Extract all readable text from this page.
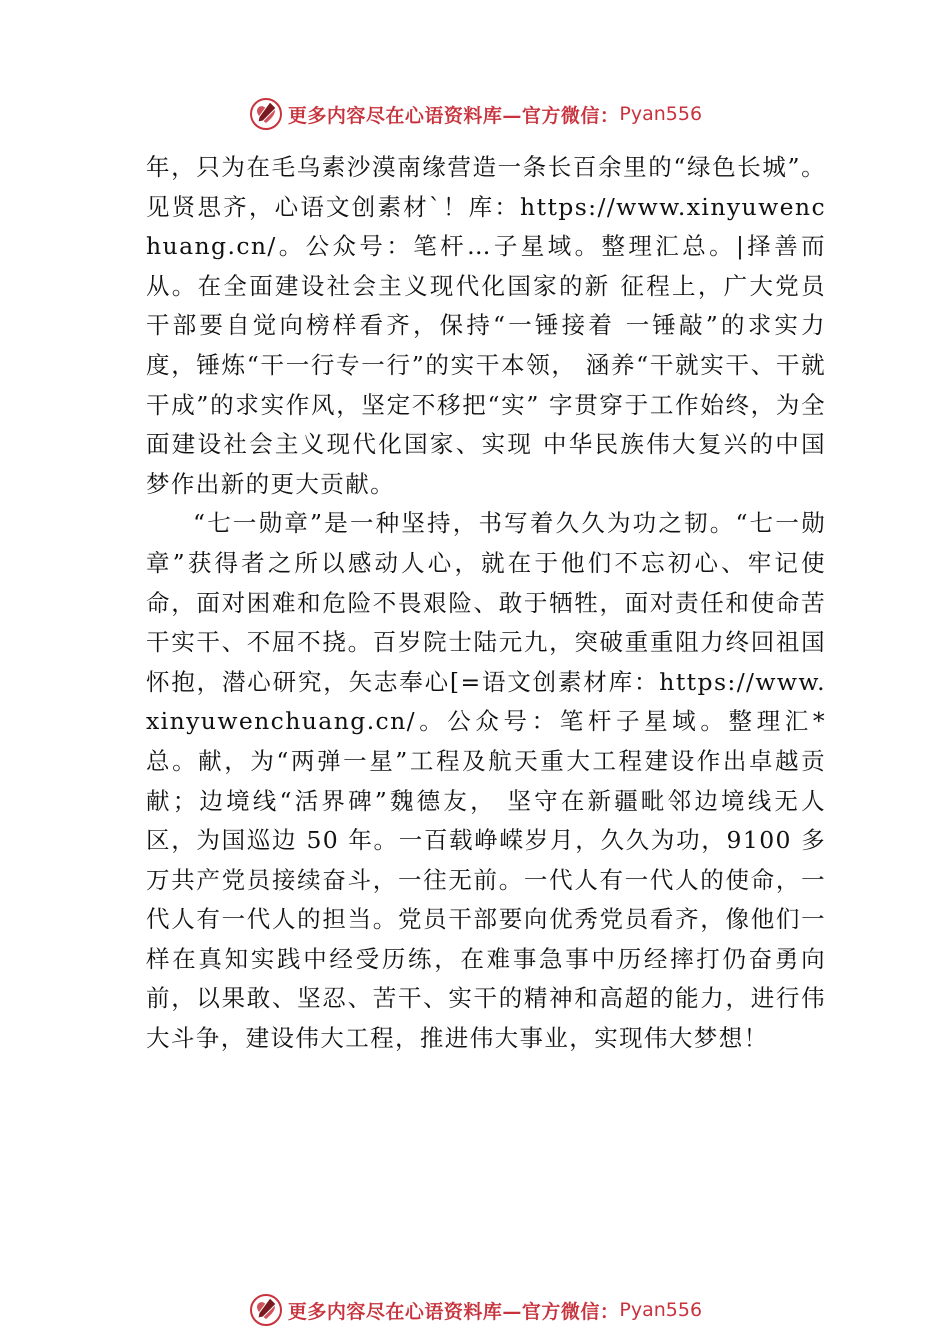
更多内容尽在心语资料库—官方微信： Pyan556

年，只为在毛乌素沙漠南缘营造一条长百余里的“绿色长城”。见贤思齐，心语文创素材`！库：https://www.xinyuwenchuang.cn/。公众号：笔杆…子星域。整理汇总。|择善而从。在全面建设社会主义现代化国家的新 征程上，广大党员干部要自觉向榜样看齐，保持“一锤接着 一锤敲”的求实力度，锤炼“干一行专一行”的实干本领， 涵养“干就实干、干就干成”的求实作风，坚定不移把“实” 字贯穿于工作始终，为全面建设社会主义现代化国家、实现 中华民族伟大复兴的中国梦作出新的更大贡献。

“七一勋章”是一种坚持，书写着久久为功之韧。“七一勋章”获得者之所以感动人心，就在于他们不忘初心、牢记使命，面对困难和危险不畏艰险、敢于牺牲，面对责任和使命苦干实干、不屈不挠。百岁院士陆元九，突破重重阻力终回祖国怀抱，潜心研究，矢志奉心[=语文创素材库：https://www.xinyuwenchuang.cn/。公众号：笔杆子星域。整理汇*总。献，为“两弹一星”工程及航天重大工程建设作出卓越贡献；边境线“活界碑”魏德友， 坚守在新疆毗邻边境线无人区，为国巡边 50 年。一百载峥嵘岁月，久久为功，9100 多万共产党员接续奋斗，一往无前。一代人有一代人的使命，一代人有一代人的担当。党员干部要向优秀党员看齐，像他们一样在真知实践中经受历练，在难事急事中历经摔打仍奋勇向前，以果敢、坚忍、苦干、实干的精神和高超的能力，进行伟大斗争，建设伟大工程，推进伟大事业，实现伟大梦想！

更多内容尽在心语资料库—官方微信： Pyan556
